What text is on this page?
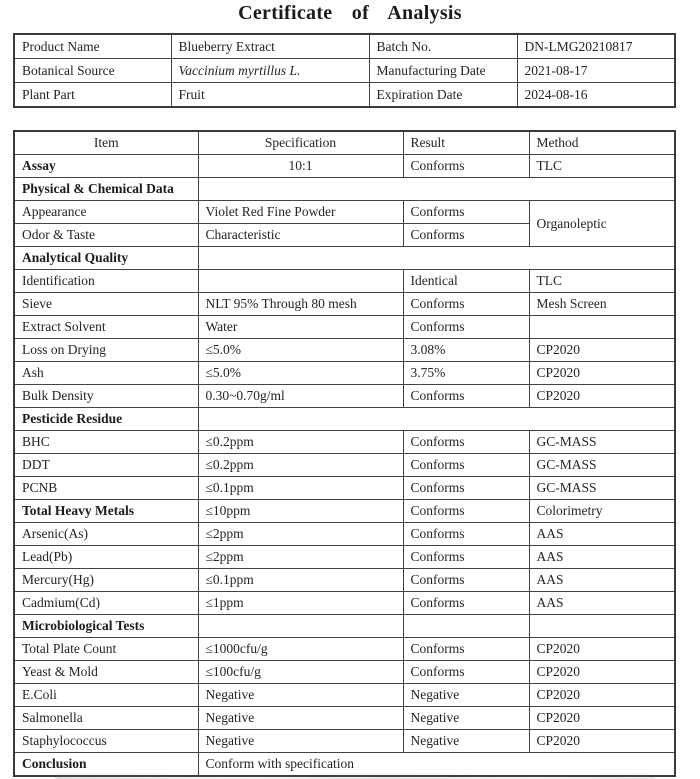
Certificate of Analysis
Product Name	Blueberry Extract	Batch No.	DN-LMG20210817
Botanical Source	Vaccinium myrtillus L.	Manufacturing Date	2021-08-17
Plant Part	Fruit	Expiration Date	2024-08-16
Item	Specification	Result	Method
Assay	10:1	Conforms	TLC
Physical & Chemical Data			
Appearance	Violet Red Fine Powder	Conforms	Organoleptic
Odor & Taste	Characteristic	Conforms	
Analytical Quality			
Identification		Identical	TLC
Sieve	NLT 95% Through 80 mesh	Conforms	Mesh Screen
Extract Solvent	Water	Conforms	
Loss on Drying	≤5.0%	3.08%	CP2020
Ash	≤5.0%	3.75%	CP2020
Bulk Density	0.30~0.70g/ml	Conforms	CP2020
Pesticide Residue			
BHC	≤0.2ppm	Conforms	GC-MASS
DDT	≤0.2ppm	Conforms	GC-MASS
PCNB	≤0.1ppm	Conforms	GC-MASS
Total Heavy Metals	≤10ppm	Conforms	Colorimetry
Arsenic(As)	≤2ppm	Conforms	AAS
Lead(Pb)	≤2ppm	Conforms	AAS
Mercury(Hg)	≤0.1ppm	Conforms	AAS
Cadmium(Cd)	≤1ppm	Conforms	AAS
Microbiological Tests			
Total Plate Count	≤1000cfu/g	Conforms	CP2020
Yeast & Mold	≤100cfu/g	Conforms	CP2020
E.Coli	Negative	Negative	CP2020
Salmonella	Negative	Negative	CP2020
Staphylococcus	Negative	Negative	CP2020
Conclusion	Conform with specification		
